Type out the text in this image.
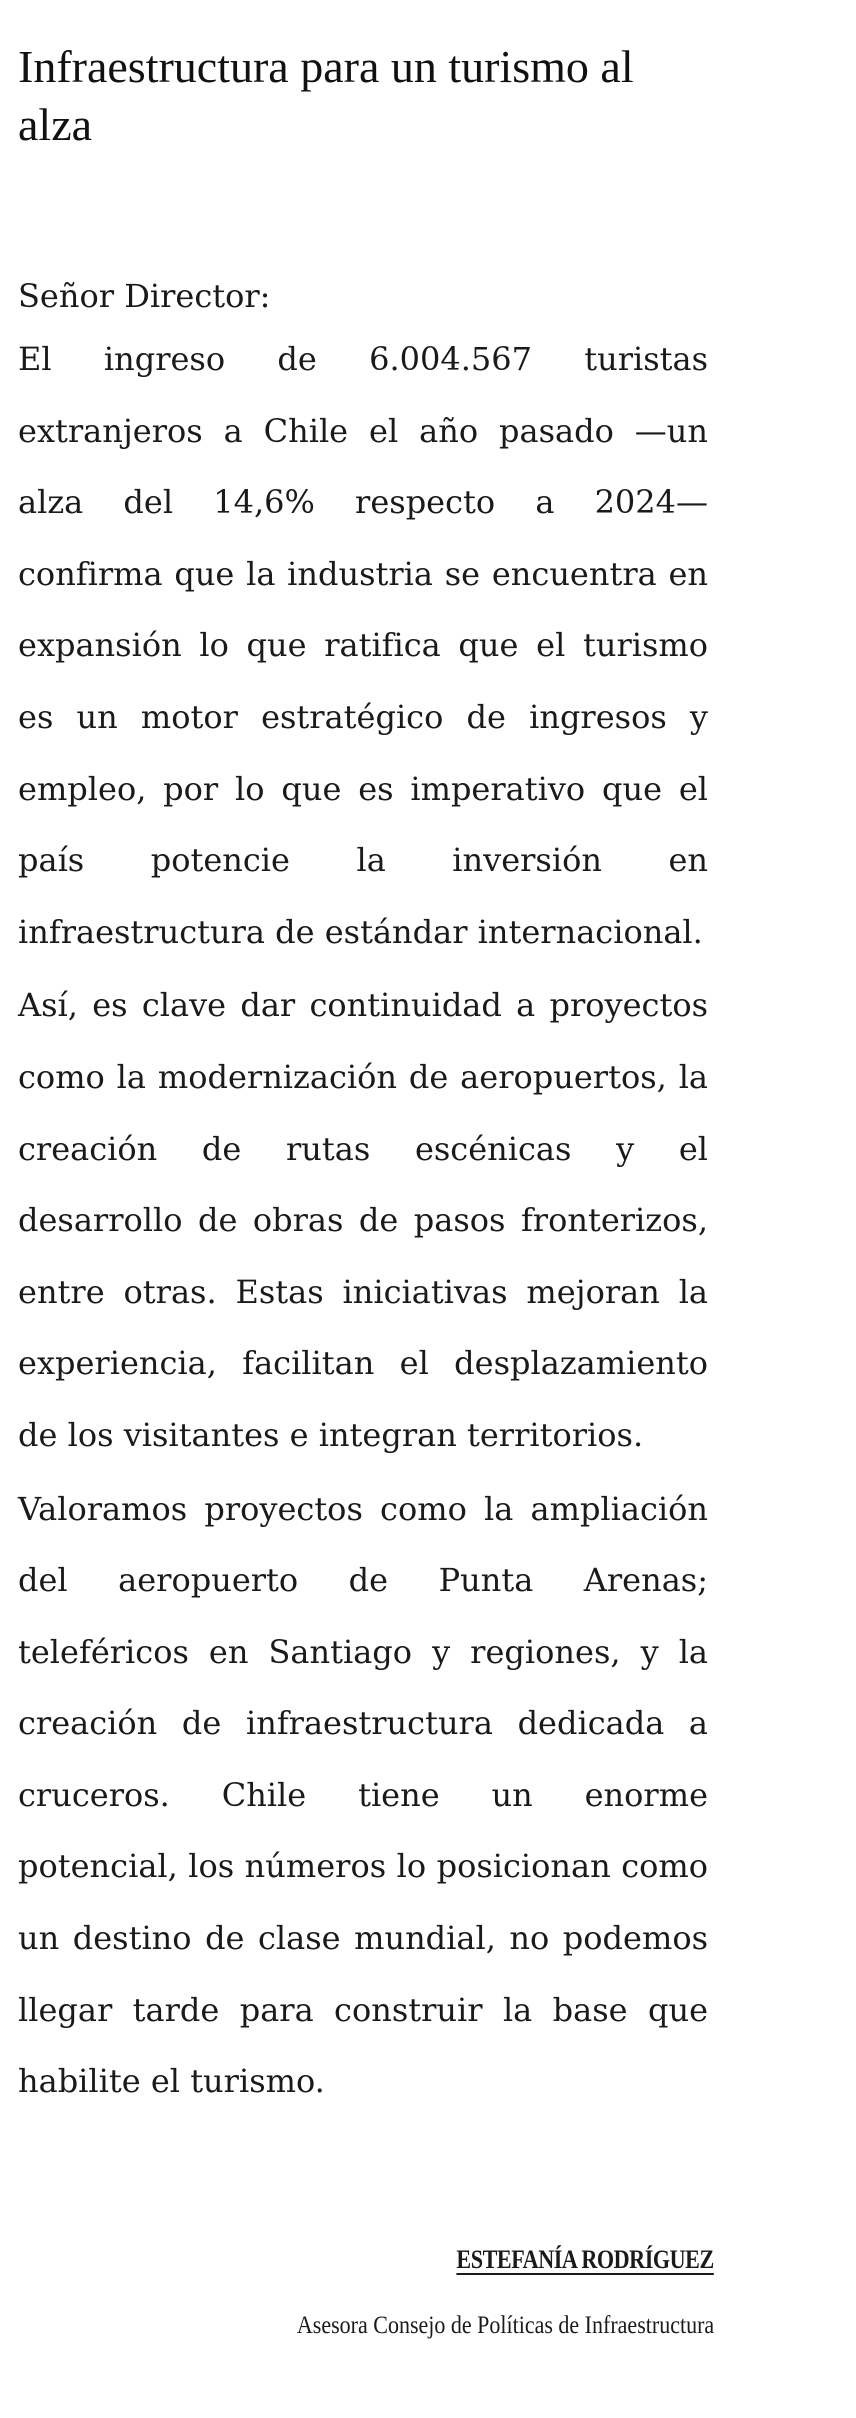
Infraestructura para un turismo al alza

Señor Director:

El ingreso de 6.004.567 turistas extranjeros a Chile el año pasado —un alza del 14,6% respecto a 2024— confirma que la industria se encuentra en expansión lo que ratifica que el turismo es un motor estratégico de ingresos y empleo, por lo que es imperativo que el país potencie la inversión en infraestructura de estándar internacional.

Así, es clave dar continuidad a proyectos como la modernización de aeropuertos, la creación de rutas escénicas y el desarrollo de obras de pasos fronterizos, entre otras. Estas iniciativas mejoran la experiencia, facilitan el desplazamiento de los visitantes e integran territorios.

Valoramos proyectos como la ampliación del aeropuerto de Punta Arenas; teleféricos en Santiago y regiones, y la creación de infraestructura dedicada a cruceros. Chile tiene un enorme potencial, los números lo posicionan como un destino de clase mundial, no podemos llegar tarde para construir la base que habilite el turismo.

ESTEFANÍA RODRÍGUEZ

Asesora Consejo de Políticas de Infraestructura
